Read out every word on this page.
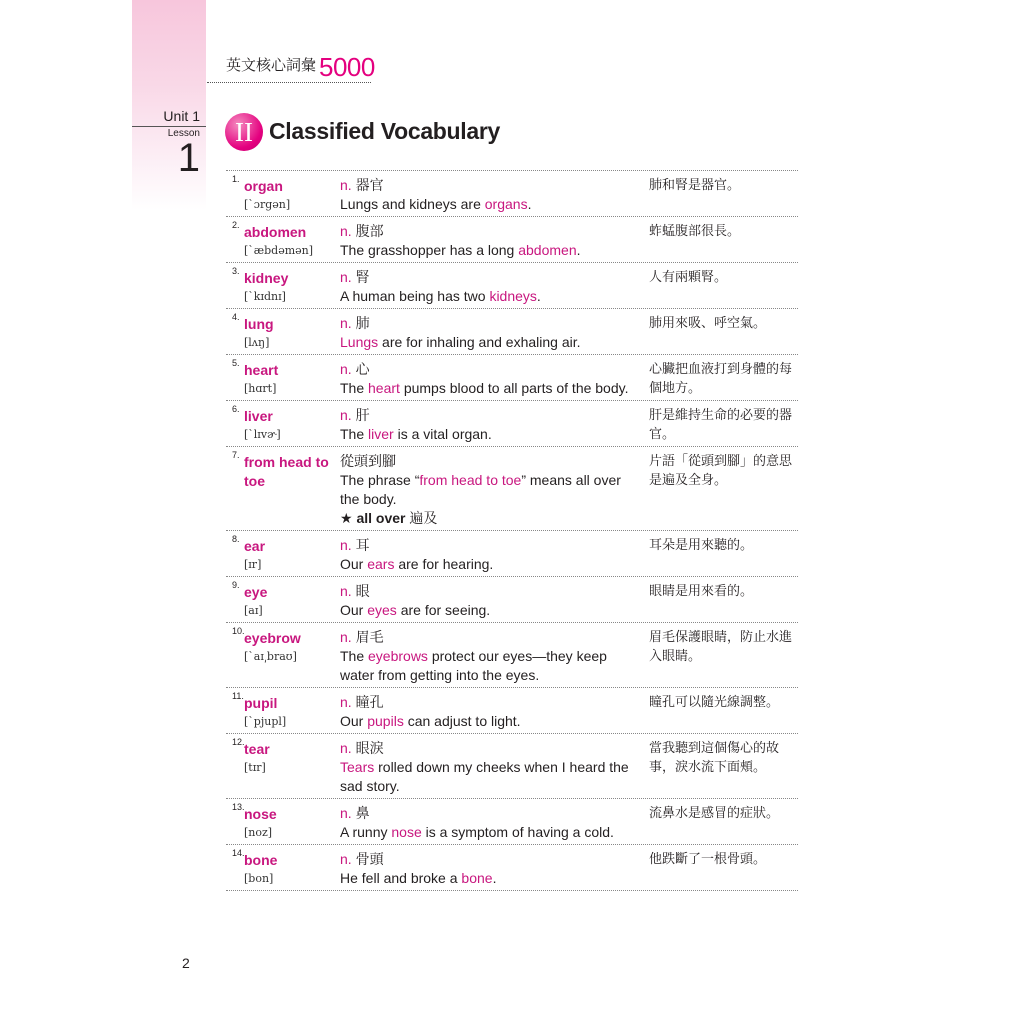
英文核心詞彙 5000
Unit 1
Lesson
1
II Classified Vocabulary
1. organ
[ˋɔrgən]
n. 器官
Lungs and kidneys are organs.
肺和腎是器官。
2. abdomen
[ˋæbdəmən]
n. 腹部
The grasshopper has a long abdomen.
蚱蜢腹部很長。
3. kidney
[ˋkɪdnɪ]
n. 腎
A human being has two kidneys.
人有兩顆腎。
4. lung
[lʌŋ]
n. 肺
Lungs are for inhaling and exhaling air.
肺用來吸、呼空氣。
5. heart
[hɑrt]
n. 心
The heart pumps blood to all parts of the body.
心臟把血液打到身體的每個地方。
6. liver
[ˋlɪvɚ]
n. 肝
The liver is a vital organ.
肝是維持生命的必要的器官。
7. from head to toe
從頭到腳
The phrase “from head to toe” means all over the body.
★ all over 遍及
片語「從頭到腳」的意思是遍及全身。
8. ear
[ɪr]
n. 耳
Our ears are for hearing.
耳朵是用來聽的。
9. eye
[aɪ]
n. 眼
Our eyes are for seeing.
眼睛是用來看的。
10. eyebrow
[ˋaɪ͵braʊ]
n. 眉毛
The eyebrows protect our eyes—they keep water from getting into the eyes.
眉毛保護眼睛，防止水進入眼睛。
11. pupil
[ˋpjupl]
n. 瞳孔
Our pupils can adjust to light.
瞳孔可以隨光線調整。
12. tear
[tɪr]
n. 眼淚
Tears rolled down my cheeks when I heard the sad story.
當我聽到這個傷心的故事，淚水流下面頰。
13. nose
[noz]
n. 鼻
A runny nose is a symptom of having a cold.
流鼻水是感冒的症狀。
14. bone
[bon]
n. 骨頭
He fell and broke a bone.
他跌斷了一根骨頭。
2
